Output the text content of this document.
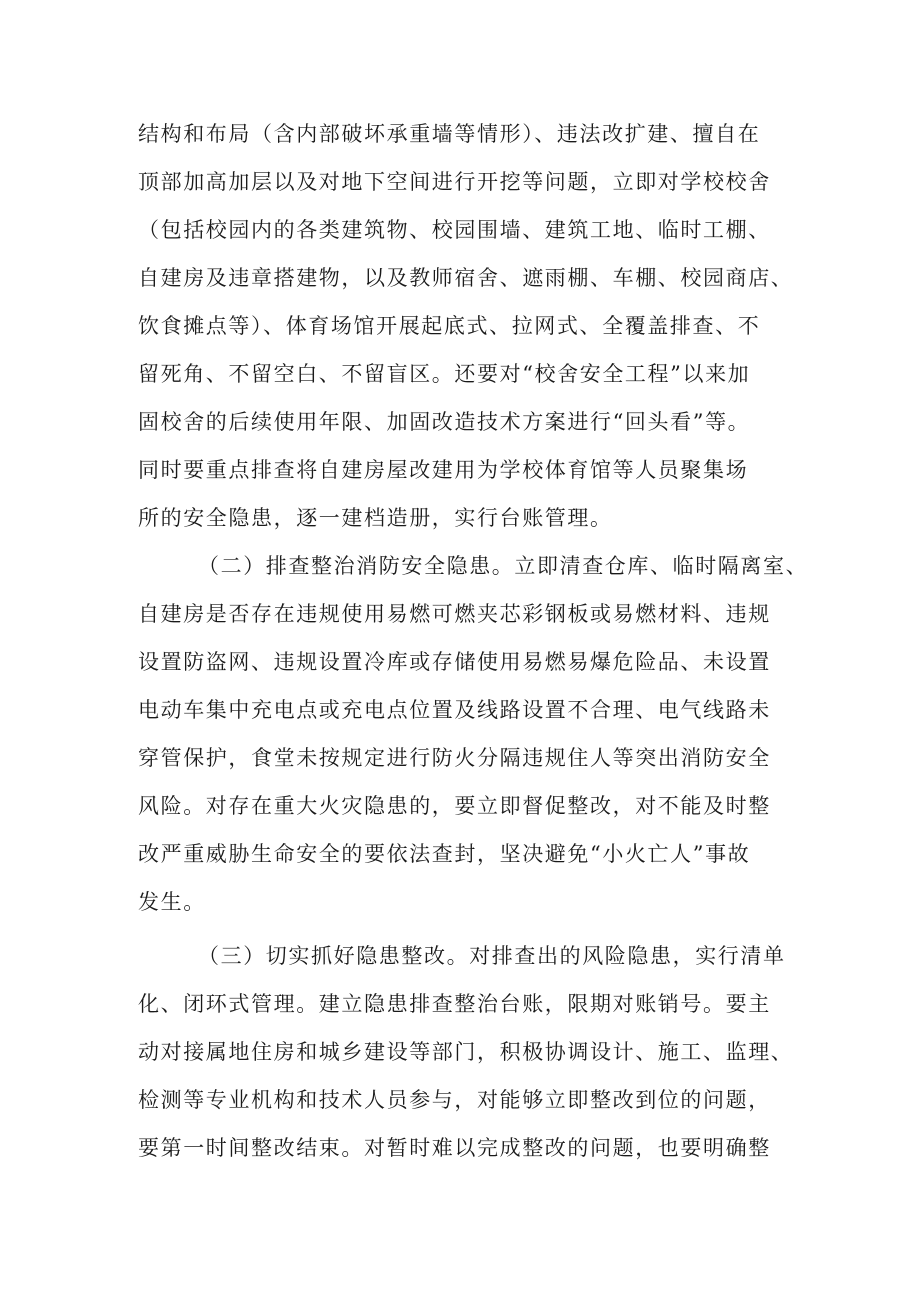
结构和布局（含内部破坏承重墙等情形）、违法改扩建、擅自在
顶部加高加层以及对地下空间进行开挖等问题，立即对学校校舍
（包括校园内的各类建筑物、校园围墙、建筑工地、临时工棚、
自建房及违章搭建物，以及教师宿舍、遮雨棚、车棚、校园商店、
饮食摊点等）、体育场馆开展起底式、拉网式、全覆盖排查、不
留死角、不留空白、不留盲区。还要对“校舍安全工程”以来加
固校舍的后续使用年限、加固改造技术方案进行“回头看”等。
同时要重点排查将自建房屋改建用为学校体育馆等人员聚集场
所的安全隐患，逐一建档造册，实行台账管理。
（二）排查整治消防安全隐患。立即清查仓库、临时隔离室、
自建房是否存在违规使用易燃可燃夹芯彩钢板或易燃材料、违规
设置防盗网、违规设置冷库或存储使用易燃易爆危险品、未设置
电动车集中充电点或充电点位置及线路设置不合理、电气线路未
穿管保护，食堂未按规定进行防火分隔违规住人等突出消防安全
风险。对存在重大火灾隐患的，要立即督促整改，对不能及时整
改严重威胁生命安全的要依法查封，坚决避免“小火亡人”事故
发生。
（三）切实抓好隐患整改。对排查出的风险隐患，实行清单
化、闭环式管理。建立隐患排查整治台账，限期对账销号。要主
动对接属地住房和城乡建设等部门，积极协调设计、施工、监理、
检测等专业机构和技术人员参与，对能够立即整改到位的问题，
要第一时间整改结束。对暂时难以完成整改的问题，也要明确整
